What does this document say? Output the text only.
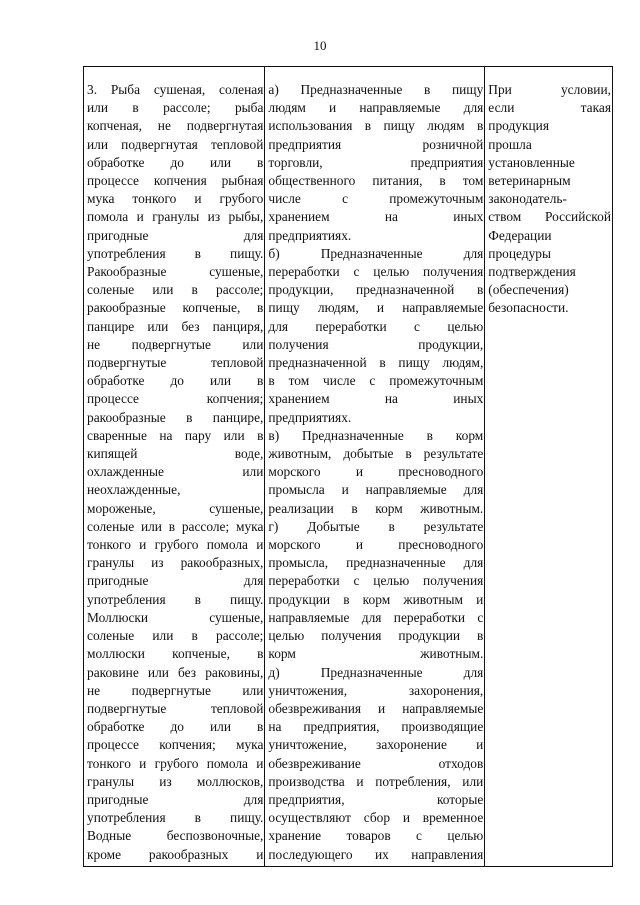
10
3. Рыба сушеная, соленая
или в рассоле; рыба
копченая, не подвергнутая
или подвергнутая тепловой
обработке до или в
процессе копчения рыбная
мука тонкого и грубого
помола и гранулы из рыбы,
пригодные для
употребления в пищу.
Ракообразные сушеные,
соленые или в рассоле;
ракообразные копченые, в
панцире или без панциря,
не подвергнутые или
подвергнутые тепловой
обработке до или в
процессе копчения;
ракообразные в панцире,
сваренные на пару или в
кипящей воде,
охлажденные или
неохлажденные,
мороженые, сушеные,
соленые или в рассоле; мука
тонкого и грубого помола и
гранулы из ракообразных,
пригодные для
употребления в пищу.
Моллюски сушеные,
соленые или в рассоле;
моллюски копченые, в
раковине или без раковины,
не подвергнутые или
подвергнутые тепловой
обработке до или в
процессе копчения; мука
тонкого и грубого помола и
гранулы из моллюсков,
пригодные для
употребления в пищу.
Водные беспозвоночные,
кроме ракообразных и

а) Предназначенные в пищу
людям и направляемые для
использования в пищу людям в
предприятия розничной
торговли, предприятия
общественного питания, в том
числе с промежуточным
хранением на иных
предприятиях.
б) Предназначенные для
переработки с целью получения
продукции, предназначенной в
пищу людям, и направляемые
для переработки с целью
получения продукции,
предназначенной в пищу людям,
в том числе с промежуточным
хранением на иных
предприятиях.
в) Предназначенные в корм
животным, добытые в результате
морского и пресноводного
промысла и направляемые для
реализации в корм животным.
г) Добытые в результате
морского и пресноводного
промысла, предназначенные для
переработки с целью получения
продукции в корм животным и
направляемые для переработки с
целью получения продукции в
корм животным.
д) Предназначенные для
уничтожения, захоронения,
обезвреживания и направляемые
на предприятия, производящие
уничтожение, захоронение и
обезвреживание отходов
производства и потребления, или
предприятия, которые
осуществляют сбор и временное
хранение товаров с целью
последующего их направления

При условии,
если такая
продукция
прошла
установленные
ветеринарным
законодатель-
ством Российской
Федерации
процедуры
подтверждения
(обеспечения)
безопасности.
